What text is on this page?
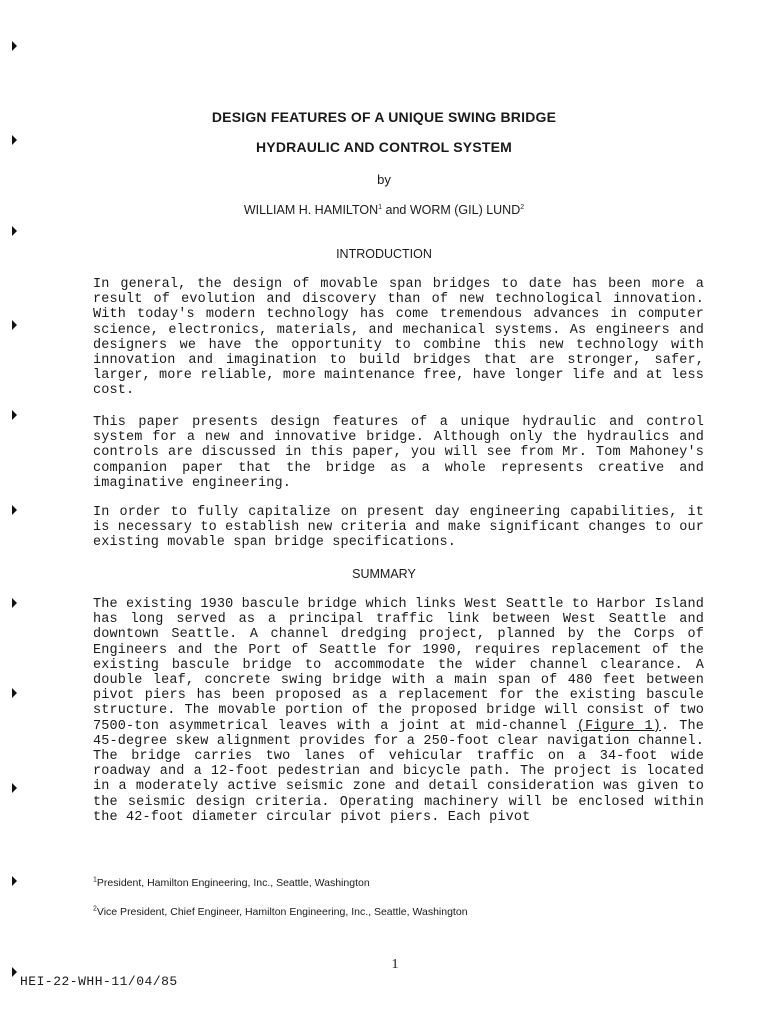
DESIGN FEATURES OF A UNIQUE SWING BRIDGE
HYDRAULIC AND CONTROL SYSTEM
by
WILLIAM H. HAMILTON$^1$ and WORM (GIL) LUND$^2$
INTRODUCTION
In general, the design of movable span bridges to date has been more a result of evolution and discovery than of new technological innovation. With today's modern technology has come tremendous advances in computer science, electronics, materials, and mechanical systems. As engineers and designers we have the opportunity to combine this new technology with innovation and imagination to build bridges that are stronger, safer, larger, more reliable, more maintenance free, have longer life and at less cost.
This paper presents design features of a unique hydraulic and control system for a new and innovative bridge. Although only the hydraulics and controls are discussed in this paper, you will see from Mr. Tom Mahoney's companion paper that the bridge as a whole represents creative and imaginative engineering.
In order to fully capitalize on present day engineering capabilities, it is necessary to establish new criteria and make significant changes to our existing movable span bridge specifications.
SUMMARY
The existing 1930 bascule bridge which links West Seattle to Harbor Island has long served as a principal traffic link between West Seattle and downtown Seattle. A channel dredging project, planned by the Corps of Engineers and the Port of Seattle for 1990, requires replacement of the existing bascule bridge to accommodate the wider channel clearance. A double leaf, concrete swing bridge with a main span of 480 feet between pivot piers has been proposed as a replacement for the existing bascule structure. The movable portion of the proposed bridge will consist of two 7500-ton asymmetrical leaves with a joint at mid-channel (Figure 1). The 45-degree skew alignment provides for a 250-foot clear navigation channel. The bridge carries two lanes of vehicular traffic on a 34-foot wide roadway and a 12-foot pedestrian and bicycle path. The project is located in a moderately active seismic zone and detail consideration was given to the seismic design criteria. Operating machinery will be enclosed within the 42-foot diameter circular pivot piers. Each pivot
$^1$President, Hamilton Engineering, Inc., Seattle, Washington
$^2$Vice President, Chief Engineer, Hamilton Engineering, Inc., Seattle, Washington
1
HEI-22-WHH-11/04/85
